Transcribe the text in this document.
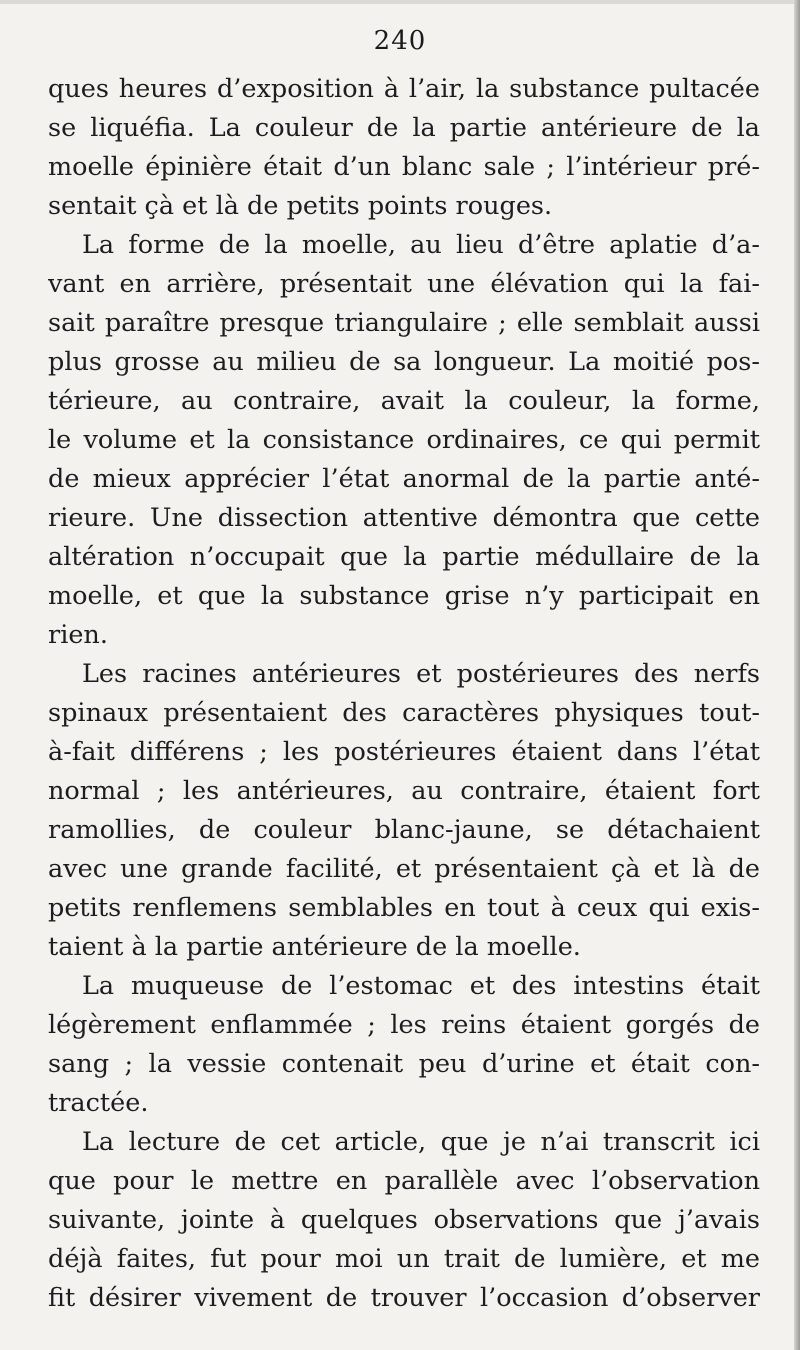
240
ques heures d’exposition à l’air, la substance pultacée
se liquéfia. La couleur de la partie antérieure de la
moelle épinière était d’un blanc sale ; l’intérieur pré-
sentait çà et là de petits points rouges.
La forme de la moelle, au lieu d’être aplatie d’a-
vant en arrière, présentait une élévation qui la fai-
sait paraître presque triangulaire ; elle semblait aussi
plus grosse au milieu de sa longueur. La moitié pos-
térieure, au contraire, avait la couleur, la forme,
le volume et la consistance ordinaires, ce qui permit
de mieux apprécier l’état anormal de la partie anté-
rieure. Une dissection attentive démontra que cette
altération n’occupait que la partie médullaire de la
moelle, et que la substance grise n’y participait en
rien.
Les racines antérieures et postérieures des nerfs
spinaux présentaient des caractères physiques tout-
à-fait différens ; les postérieures étaient dans l’état
normal ; les antérieures, au contraire, étaient fort
ramollies, de couleur blanc-jaune, se détachaient
avec une grande facilité, et présentaient çà et là de
petits renflemens semblables en tout à ceux qui exis-
taient à la partie antérieure de la moelle.
La muqueuse de l’estomac et des intestins était
légèrement enflammée ; les reins étaient gorgés de
sang ; la vessie contenait peu d’urine et était con-
tractée.
La lecture de cet article, que je n’ai transcrit ici
que pour le mettre en parallèle avec l’observation
suivante, jointe à quelques observations que j’avais
déjà faites, fut pour moi un trait de lumière, et me
fit désirer vivement de trouver l’occasion d’observer
